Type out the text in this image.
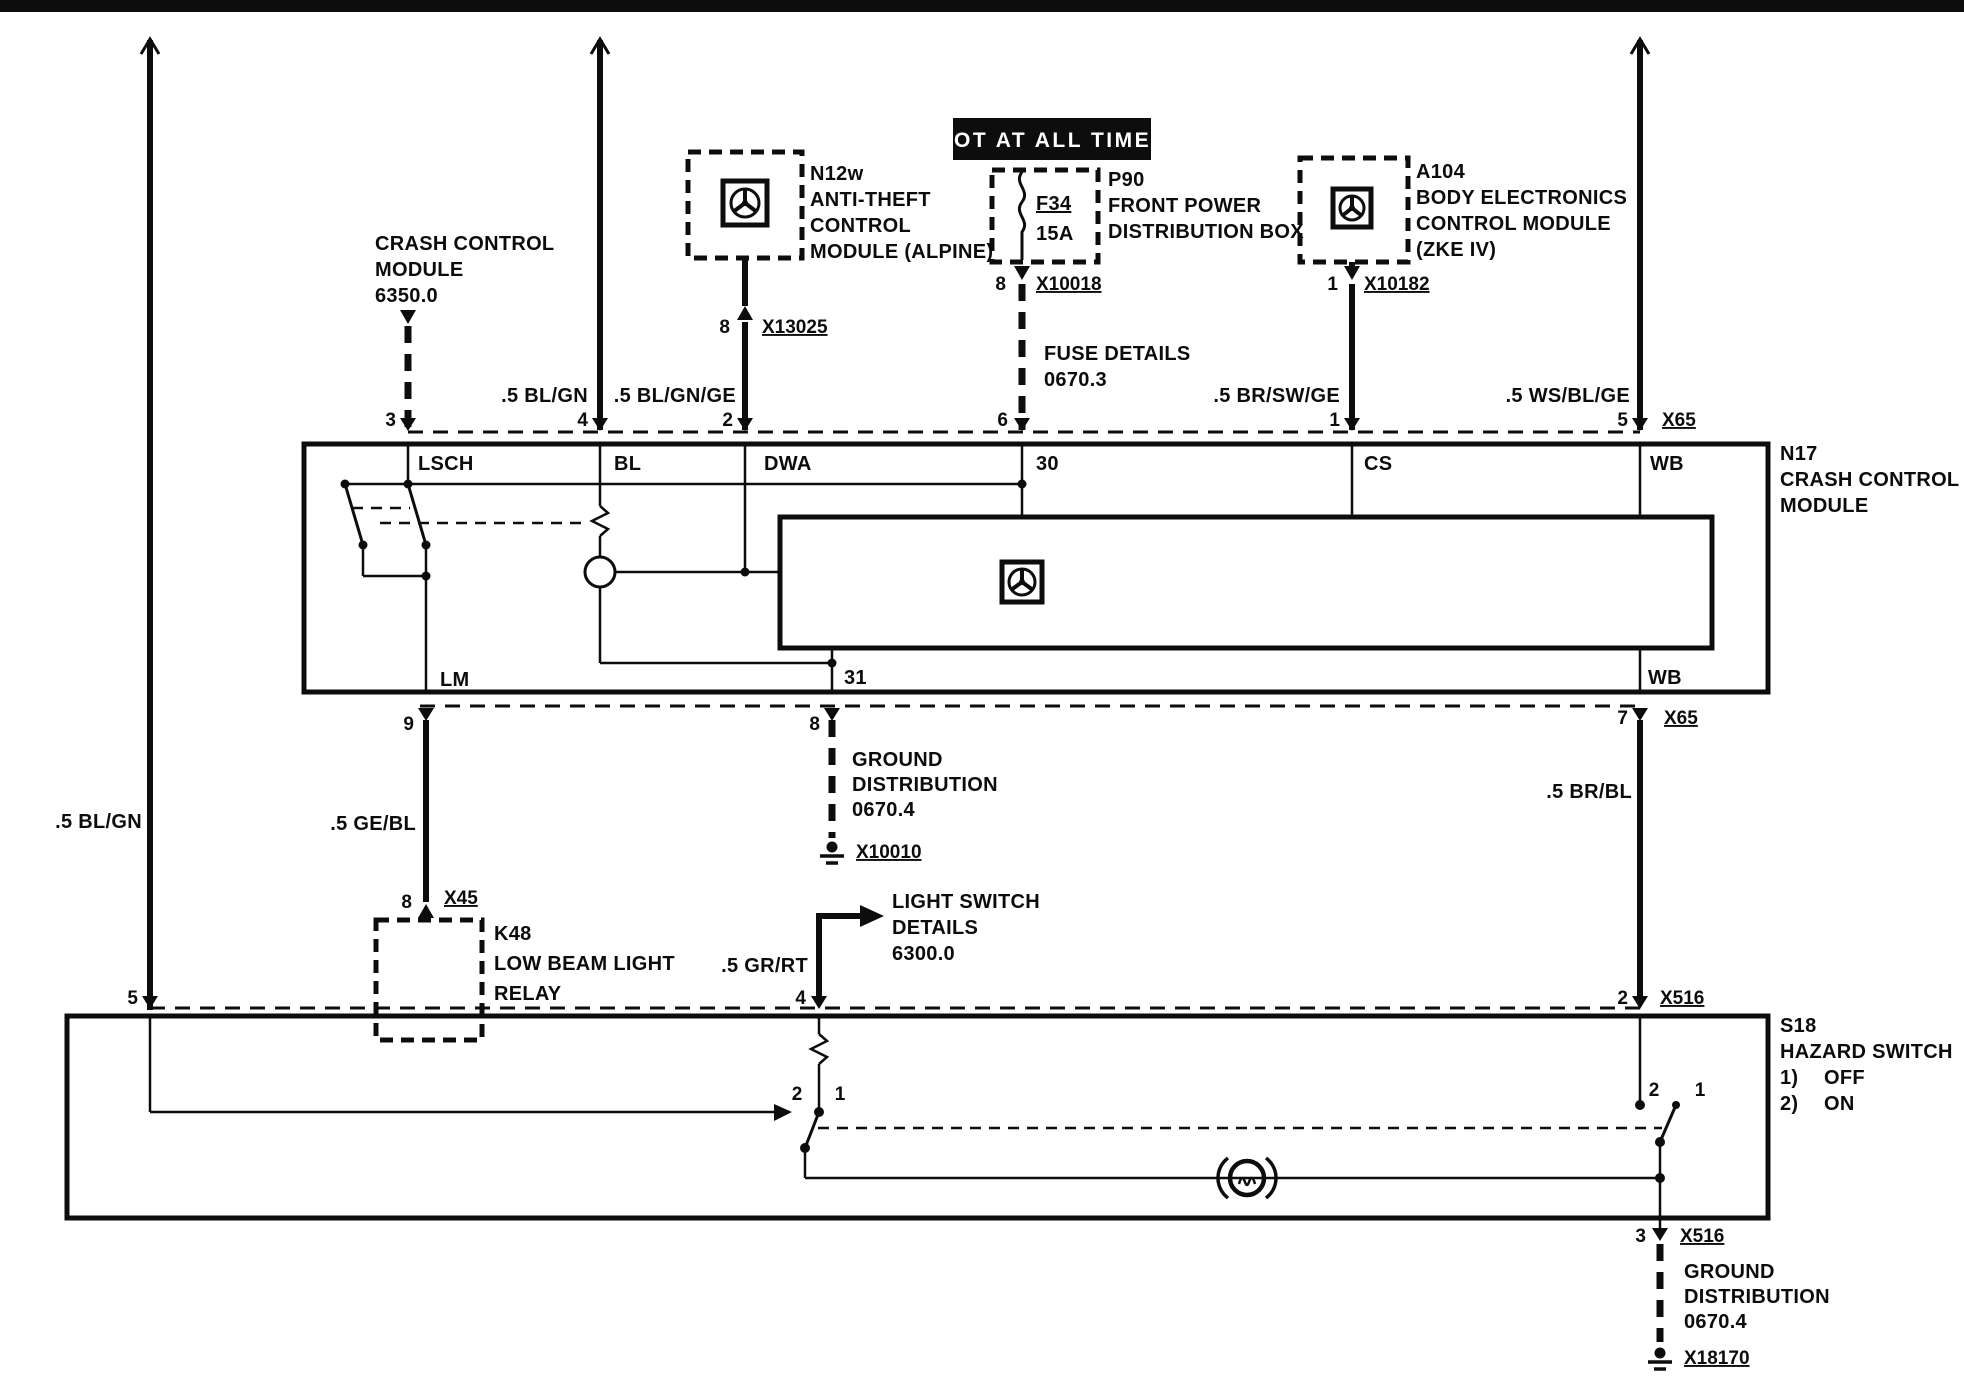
CRASH CONTROL
MODULE
6350.0
N12w
ANTI-THEFT
CONTROL
MODULE (ALPINE)
8 X13025
HOT AT ALL TIMES
F34
15A
P90
FRONT POWER
DISTRIBUTION BOX
8 X10018
FUSE DETAILS
0670.3
A104
BODY ELECTRONICS
CONTROL MODULE
(ZKE IV)
1 X10182
.5 BL/GN .5 BL/GN/GE	.5 BR/SW/GE	.5 WS/BL/GE
3	4	2	6	1	5 X65
LSCH	BL	DWA	30	CS	WB	N17
CRASH CONTROL
MODULE
LM	31	WB
9	8	7 X65
.5 BL/GN	.5 GE/BL
8 X45
K48
LOW BEAM LIGHT
RELAY
GROUND
DISTRIBUTION
0670.4
X10010
.5 BR/BL
LIGHT SWITCH
DETAILS
6300.0
.5 GR/RT
5	4	2 X516
S18
HAZARD SWITCH
1) OFF
2) ON
2 1	2 1
3 X516
GROUND
DISTRIBUTION
0670.4
X18170
